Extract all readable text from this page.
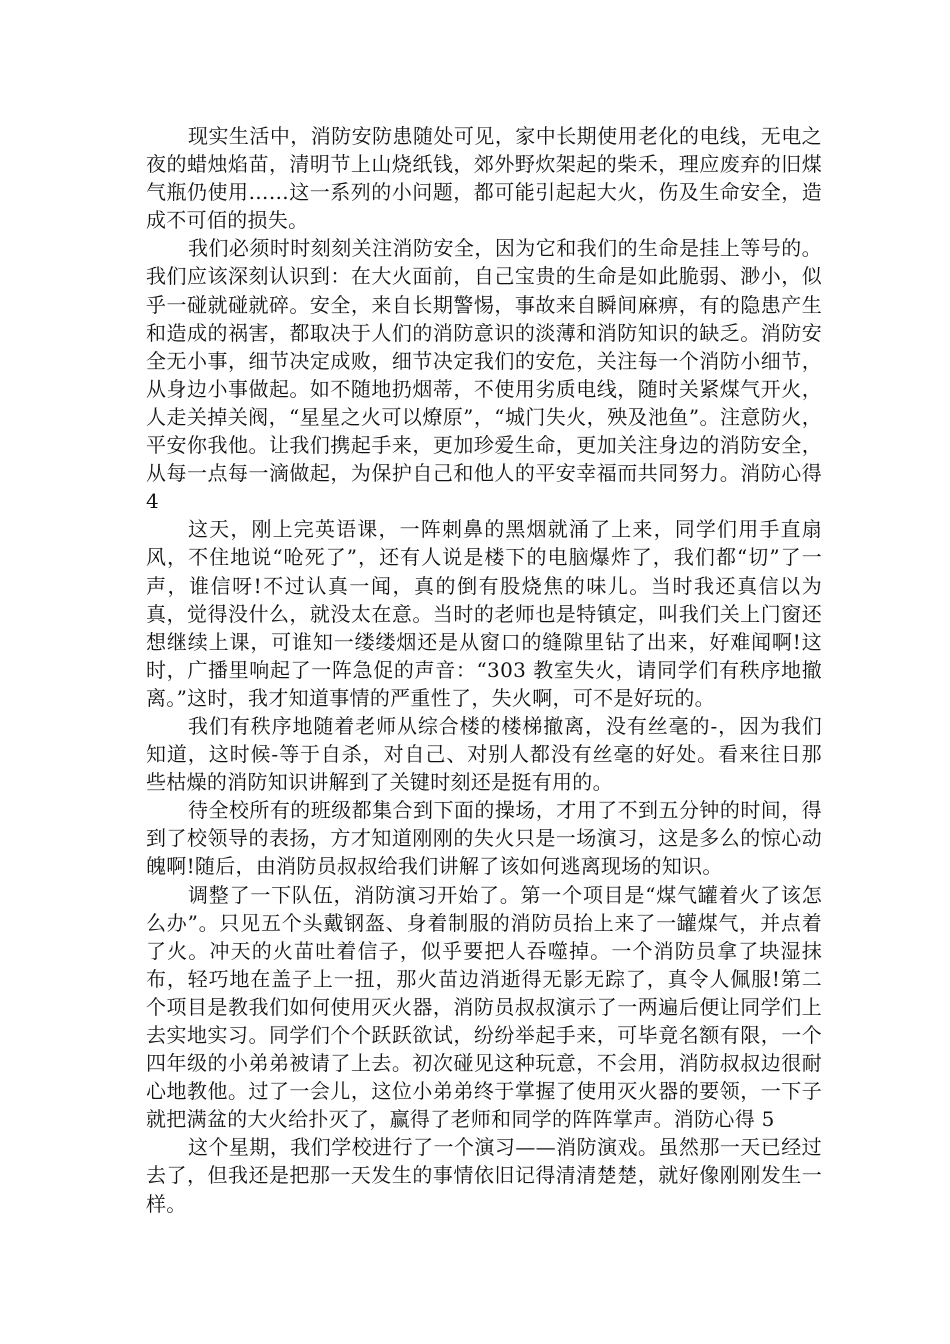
现实生活中，消防安防患随处可见，家中长期使用老化的电线，无电之夜的蜡烛焰苗，清明节上山烧纸钱，郊外野炊架起的柴禾，理应废弃的旧煤气瓶仍使用……这一系列的小问题，都可能引起起大火，伤及生命安全，造成不可佰的损失。

我们必须时时刻刻关注消防安全，因为它和我们的生命是挂上等号的。我们应该深刻认识到：在大火面前，自己宝贵的生命是如此脆弱、渺小，似乎一碰就碰就碎。安全，来自长期警惕，事故来自瞬间麻痹，有的隐患产生和造成的祸害，都取决于人们的消防意识的淡薄和消防知识的缺乏。消防安全无小事，细节决定成败，细节决定我们的安危，关注每一个消防小细节，从身边小事做起。如不随地扔烟蒂，不使用劣质电线，随时关紧煤气开火，人走关掉关阀，“星星之火可以燎原”，“城门失火，殃及池鱼”。注意防火，平安你我他。让我们携起手来，更加珍爱生命，更加关注身边的消防安全，从每一点每一滴做起，为保护自己和他人的平安幸福而共同努力。消防心得 4

这天，刚上完英语课，一阵刺鼻的黑烟就涌了上来，同学们用手直扇风，不住地说“呛死了”，还有人说是楼下的电脑爆炸了，我们都“切”了一声，谁信呀!不过认真一闻，真的倒有股烧焦的味儿。当时我还真信以为真，觉得没什么，就没太在意。当时的老师也是特镇定，叫我们关上门窗还想继续上课，可谁知一缕缕烟还是从窗口的缝隙里钻了出来，好难闻啊!这时，广播里响起了一阵急促的声音：“303 教室失火，请同学们有秩序地撤离。”这时，我才知道事情的严重性了，失火啊，可不是好玩的。

我们有秩序地随着老师从综合楼的楼梯撤离，没有丝毫的-，因为我们知道，这时候-等于自杀，对自己、对别人都没有丝毫的好处。看来往日那些枯燥的消防知识讲解到了关键时刻还是挺有用的。

待全校所有的班级都集合到下面的操场，才用了不到五分钟的时间，得到了校领导的表扬，方才知道刚刚的失火只是一场演习，这是多么的惊心动魄啊!随后，由消防员叔叔给我们讲解了该如何逃离现场的知识。

调整了一下队伍，消防演习开始了。第一个项目是“煤气罐着火了该怎么办”。只见五个头戴钢盔、身着制服的消防员抬上来了一罐煤气，并点着了火。冲天的火苗吐着信子，似乎要把人吞噬掉。一个消防员拿了块湿抹布，轻巧地在盖子上一扭，那火苗边消逝得无影无踪了，真令人佩服!第二个项目是教我们如何使用灭火器，消防员叔叔演示了一两遍后便让同学们上去实地实习。同学们个个跃跃欲试，纷纷举起手来，可毕竟名额有限，一个四年级的小弟弟被请了上去。初次碰见这种玩意，不会用，消防叔叔边很耐心地教他。过了一会儿，这位小弟弟终于掌握了使用灭火器的要领，一下子就把满盆的大火给扑灭了，赢得了老师和同学的阵阵掌声。消防心得 5

这个星期，我们学校进行了一个演习——消防演戏。虽然那一天已经过去了，但我还是把那一天发生的事情依旧记得清清楚楚，就好像刚刚发生一样。
